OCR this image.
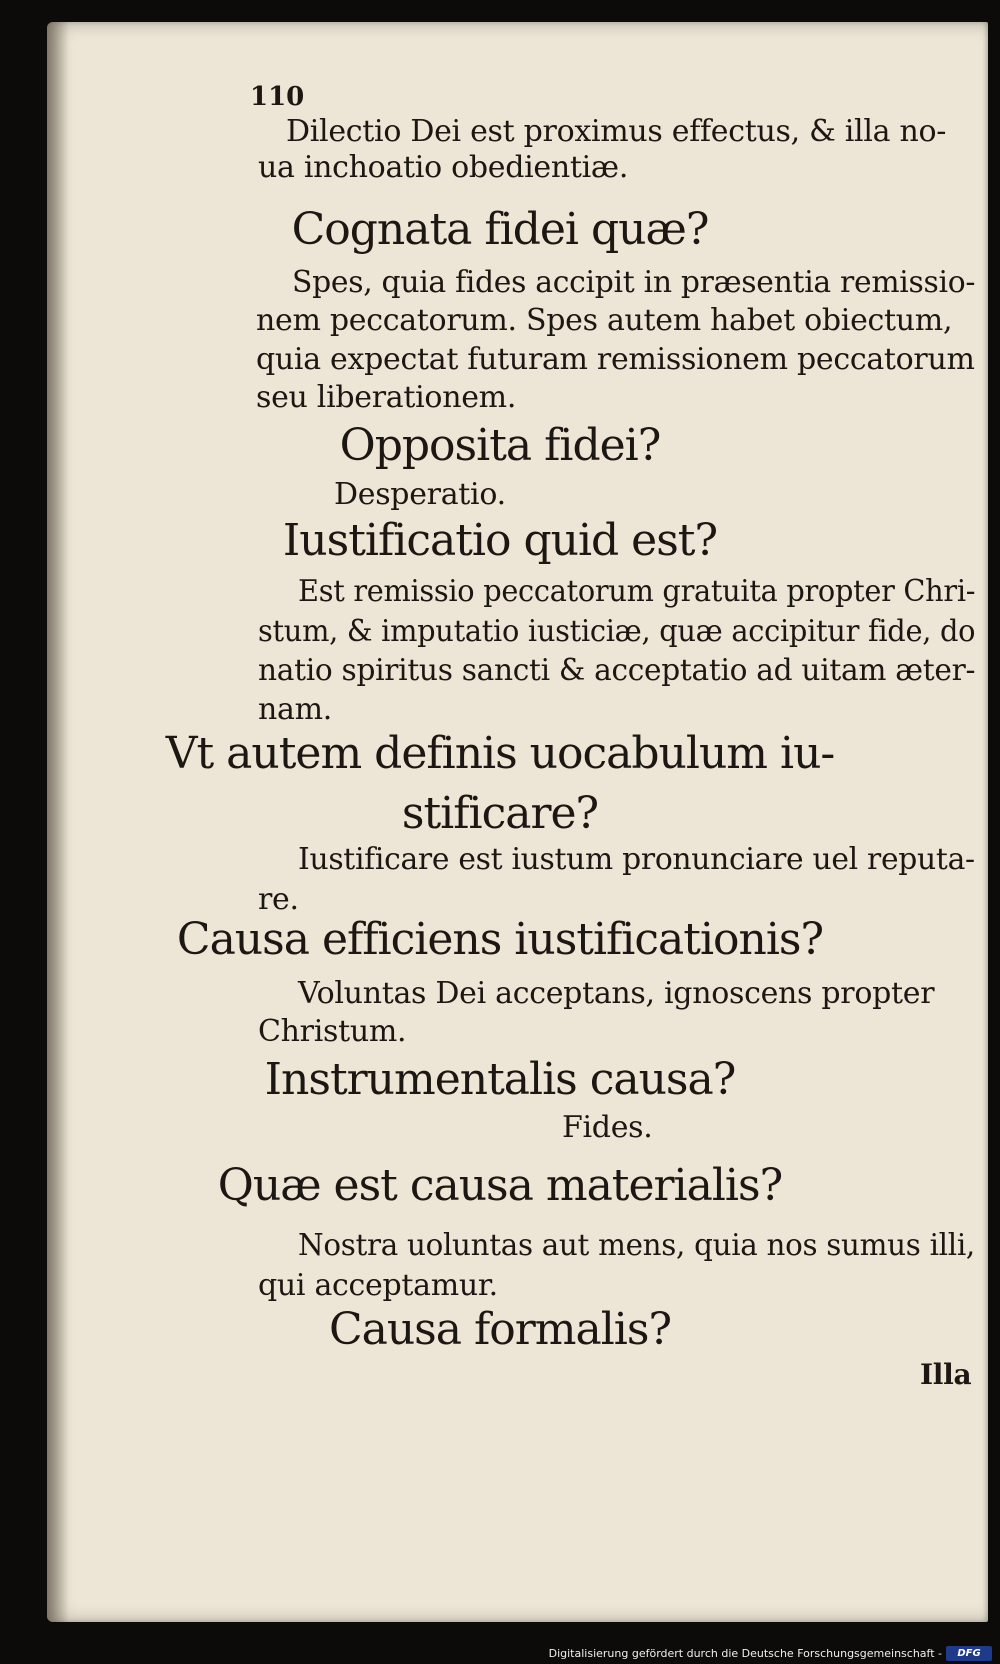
110
Dilectio Dei est proximus effectus, & illa no-
ua inchoatio obedientiæ.
Cognata fidei quæ?
Spes, quia fides accipit in præsentia remissio-
nem peccatorum. Spes autem habet obiectum,
quia expectat futuram remissionem peccatorum
seu liberationem.
Opposita fidei?
Desperatio.
Iustificatio quid est?
Est remissio peccatorum gratuita propter Chri-
stum, & imputatio iusticiæ, quæ accipitur fide, do
natio spiritus sancti & acceptatio ad uitam æter-
nam.
Vt autem definis uocabulum iu-
stificare?
Iustificare est iustum pronunciare uel reputa-
re.
Causa efficiens iustificationis?
Voluntas Dei acceptans, ignoscens propter
Christum.
Instrumentalis causa?
Fides.
Quæ est causa materialis?
Nostra uoluntas aut mens, quia nos sumus illi,
qui acceptamur.
Causa formalis?
Illa
Digitalisierung gefördert durch die Deutsche Forschungsgemeinschaft -	DFG
